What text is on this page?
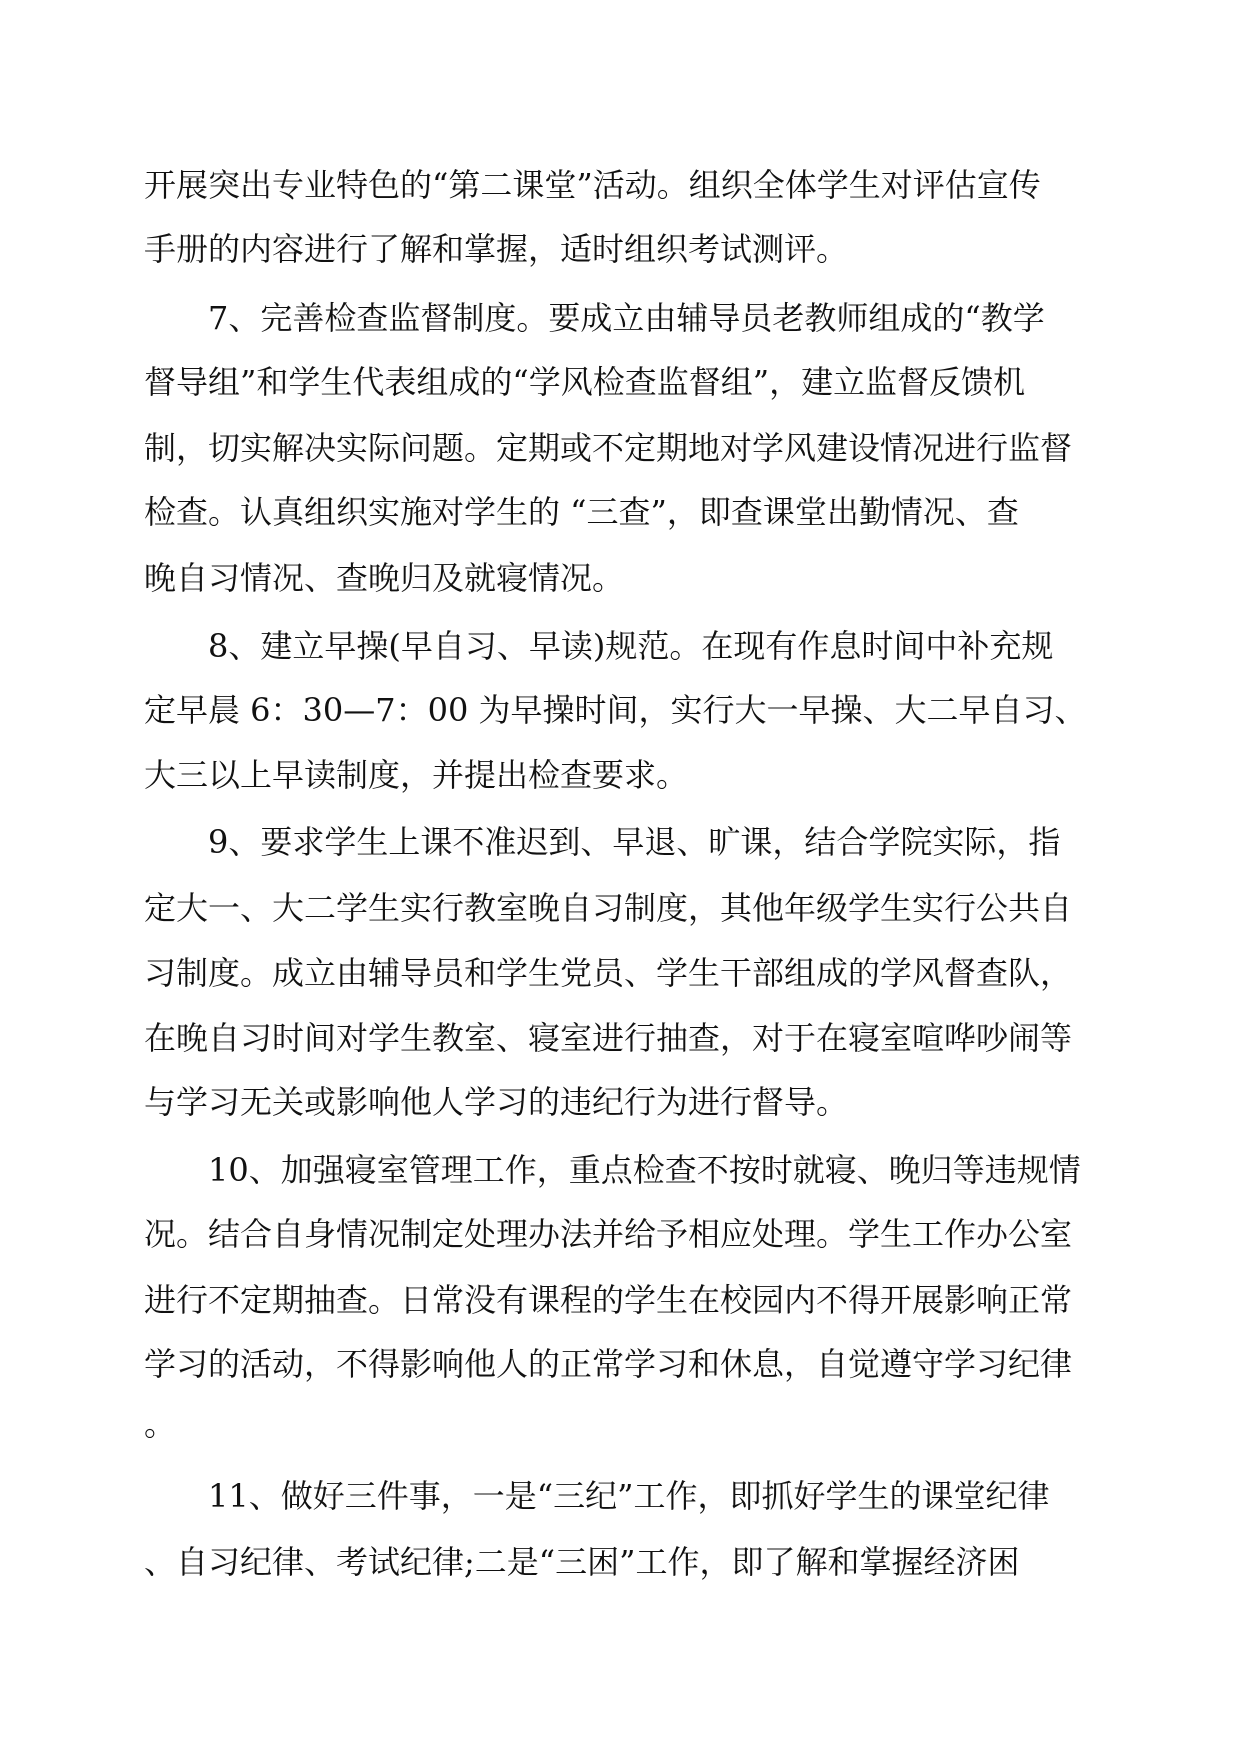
开展突出专业特色的“第二课堂”活动。组织全体学生对评估宣传
手册的内容进行了解和掌握，适时组织考试测评。
7、完善检查监督制度。要成立由辅导员老教师组成的“教学
督导组”和学生代表组成的“学风检查监督组”，建立监督反馈机
制，切实解决实际问题。定期或不定期地对学风建设情况进行监督
检查。认真组织实施对学生的 “三查”，即查课堂出勤情况、查
晚自习情况、查晚归及就寝情况。
8、建立早操(早自习、早读)规范。在现有作息时间中补充规
定早晨 6：30—7：00 为早操时间，实行大一早操、大二早自习、
大三以上早读制度，并提出检查要求。
9、要求学生上课不准迟到、早退、旷课，结合学院实际，指
定大一、大二学生实行教室晚自习制度，其他年级学生实行公共自
习制度。成立由辅导员和学生党员、学生干部组成的学风督查队，
在晚自习时间对学生教室、寝室进行抽查，对于在寝室喧哗吵闹等
与学习无关或影响他人学习的违纪行为进行督导。
10、加强寝室管理工作，重点检查不按时就寝、晚归等违规情
况。结合自身情况制定处理办法并给予相应处理。学生工作办公室
进行不定期抽查。日常没有课程的学生在校园内不得开展影响正常
学习的活动，不得影响他人的正常学习和休息，自觉遵守学习纪律
。
11、做好三件事，一是“三纪”工作，即抓好学生的课堂纪律
、自习纪律、考试纪律;二是“三困”工作，即了解和掌握经济困
